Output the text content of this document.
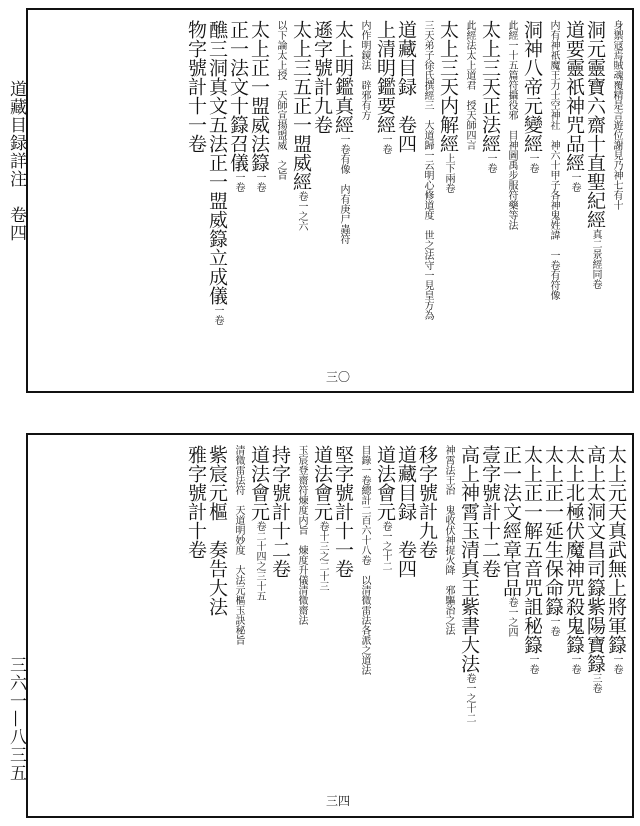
道藏目録詳注　卷四
三六一—八三五
身禦冦焉賊魂覆精是言遊位謝見乃神七有十
洞元靈寶六齋十直聖紀經真二景經同卷
道要靈祇神咒品經一卷
内有神祇魔王力士空神社　神六十甲子各神鬼姓諱　一卷有符像
洞神八帝元變經一卷
此經一十五篇符攝役邪　目神圖禹步服符藥等法
太上三天正法經一卷
此經法太上道君　授天師四言　
太上三天内解經上下兩卷
三天弟子徐氏撰經三　大道歸一云明心修道度　世之法守一見皇方為
道藏目録　卷四
上清明鑑要經一卷
内作明鏡法　辟邪有方
太上明鑑真經一卷有像　内有庚尸蟲符
遜字號計九卷
太上三五正一盟威經卷一之六
以下論太上授　天師宣揚盟威　之旨
太上正一盟威法籙一卷
正一法文十籙召儀一卷
醮三洞真文五法正一盟威籙立成儀一卷
物字號計十一卷
三〇
太上元天真武無上將軍籙一卷
高上太洞文昌司籙紫陽寶籙三卷
太上北極伏魔神咒殺鬼籙一卷
太上正一延生保命籙一卷
太上正一解五音咒詛秘籙一卷
正一法文經章官品卷一之四
壹字號計十二卷
高上神霄玉清真王紫書大法卷一之十二
神霄法王治　鬼收伏神捉火降　邪驅治之法
移字號計九卷
道藏目録　卷四
道法會元卷一之十二
目錄一卷總計二百六十八卷　以清微雷法各派之道法
堅字號計十一卷
道法會元卷十三之二十三
玉宸登齋符煉度内旨　煉度升儀清微齋法　
持字號計十二卷
道法會元卷二十四之三十五
清微雷法符　天道明妙度　大法元樞玉訣秘旨
紫宸元樞　奏告大法
雅字號計十卷
三四
